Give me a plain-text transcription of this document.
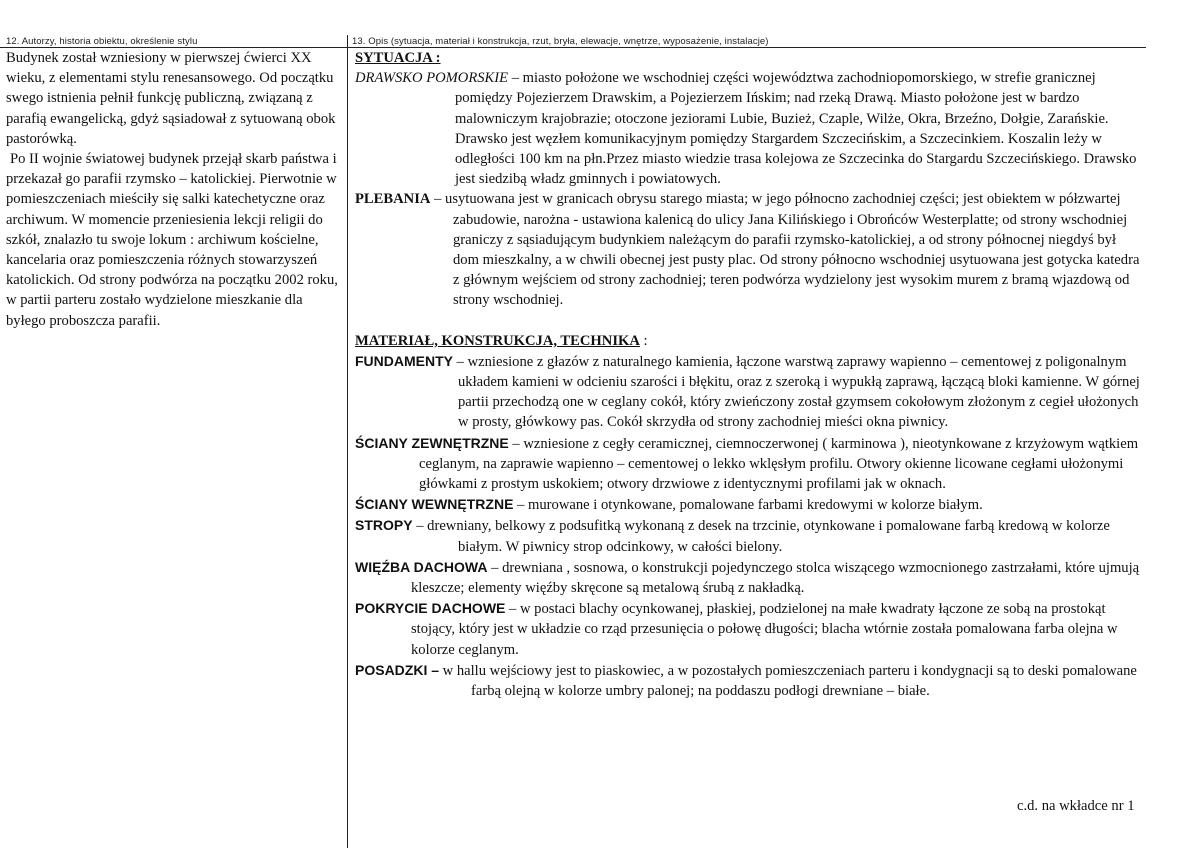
12. Autorzy, historia obiektu, określenie stylu	13. Opis (sytuacja, materiał i konstrukcja, rzut, bryła, elewacje, wnętrze, wyposażenie, instalacje)

Budynek został wzniesiony w pierwszej ćwierci XX wieku, z elementami stylu renesansowego. Od początku swego istnienia pełnił funkcję publiczną, związaną z parafią ewangelicką, gdyż sąsiadował z sytuowaną obok pastorówką.

Po II wojnie światowej budynek przejął skarb państwa i przekazał go parafii rzymsko – katolickiej. Pierwotnie w pomieszczeniach mieściły się salki katechetyczne oraz archiwum. W momencie przeniesienia lekcji religii do szkół, znalazło tu swoje lokum : archiwum kościelne, kancelaria oraz pomieszczenia różnych stowarzyszeń katolickich. Od strony podwórza na początku 2002 roku, w partii parteru zostało wydzielone mieszkanie dla byłego proboszcza parafii.

SYTUACJA :

DRAWSKO POMORSKIE – miasto położone we wschodniej części województwa zachodniopomorskiego, w strefie granicznej pomiędzy Pojezierzem Drawskim, a Pojezierzem Ińskim; nad rzeką Drawą. Miasto położone jest w bardzo malowniczym krajobrazie; otoczone jeziorami Lubie, Buzież, Czaple, Wilże, Okra, Brzeźno, Dołgie, Zarańskie. Drawsko jest węzłem komunikacyjnym pomiędzy Stargardem Szczecińskim, a Szczecinkiem. Koszalin leży w odległości 100 km na płn.Przez miasto wiedzie trasa kolejowa ze Szczecinka do Stargardu Szczecińskiego. Drawsko jest siedzibą władz gminnych i powiatowych.

PLEBANIA – usytuowana jest w granicach obrysu starego miasta; w jego północno zachodniej części; jest obiektem w półzwartej zabudowie, narożna - ustawiona kalenicą do ulicy Jana Kilińskiego i Obrońców Westerplatte; od strony wschodniej graniczy z sąsiadującym budynkiem należącym do parafii rzymsko-katolickiej, a od strony północnej niegdyś był dom mieszkalny, a w chwili obecnej jest pusty plac. Od strony północno wschodniej usytuowana jest gotycka katedra z głównym wejściem od strony zachodniej; teren podwórza wydzielony jest wysokim murem z bramą wjazdową od strony wschodniej.

MATERIAŁ, KONSTRUKCJA, TECHNIKA :

FUNDAMENTY – wzniesione z głazów z naturalnego kamienia, łączone warstwą zaprawy wapienno – cementowej z poligonalnym układem kamieni w odcieniu szarości i błękitu, oraz z szeroką i wypukłą zaprawą, łączącą bloki kamienne. W górnej partii przechodzą one w ceglany cokół, który zwieńczony został gzymsem cokołowym złożonym z cegieł ułożonych w prosty, główkowy pas. Cokół skrzydła od strony zachodniej mieści okna piwnicy.

ŚCIANY ZEWNĘTRZNE – wzniesione z cegły ceramicznej, ciemnoczerwonej ( karminowa ), nieotynkowane z krzyżowym wątkiem ceglanym, na zaprawie wapienno – cementowej o lekko wklęsłym profilu. Otwory okienne licowane cegłami ułożonymi główkami z prostym uskokiem; otwory drzwiowe z identycznymi profilami jak w oknach.

ŚCIANY WEWNĘTRZNE – murowane i otynkowane, pomalowane farbami kredowymi w kolorze białym.

STROPY – drewniany, belkowy z podsufitką wykonaną z desek na trzcinie, otynkowane i pomalowane farbą kredową w kolorze białym. W piwnicy strop odcinkowy, w całości bielony.

WIĘŹBA DACHOWA – drewniana , sosnowa, o konstrukcji pojedynczego stolca wiszącego wzmocnionego zastrzałami, które ujmują kleszcze; elementy więźby skręcone są metalową śrubą z nakładką.

POKRYCIE DACHOWE – w postaci blachy ocynkowanej, płaskiej, podzielonej na małe kwadraty łączone ze sobą na prostokąt stojący, który jest w układzie co rząd przesunięcia o połowę długości; blacha wtórnie została pomalowana farba olejna w kolorze ceglanym.

POSADZKI – w hallu wejściowy jest to piaskowiec, a w pozostałych pomieszczeniach parteru i kondygnacji są to deski pomalowane farbą olejną w kolorze umbry palonej; na poddaszu podłogi drewniane – białe.

c.d. na wkładce nr 1
